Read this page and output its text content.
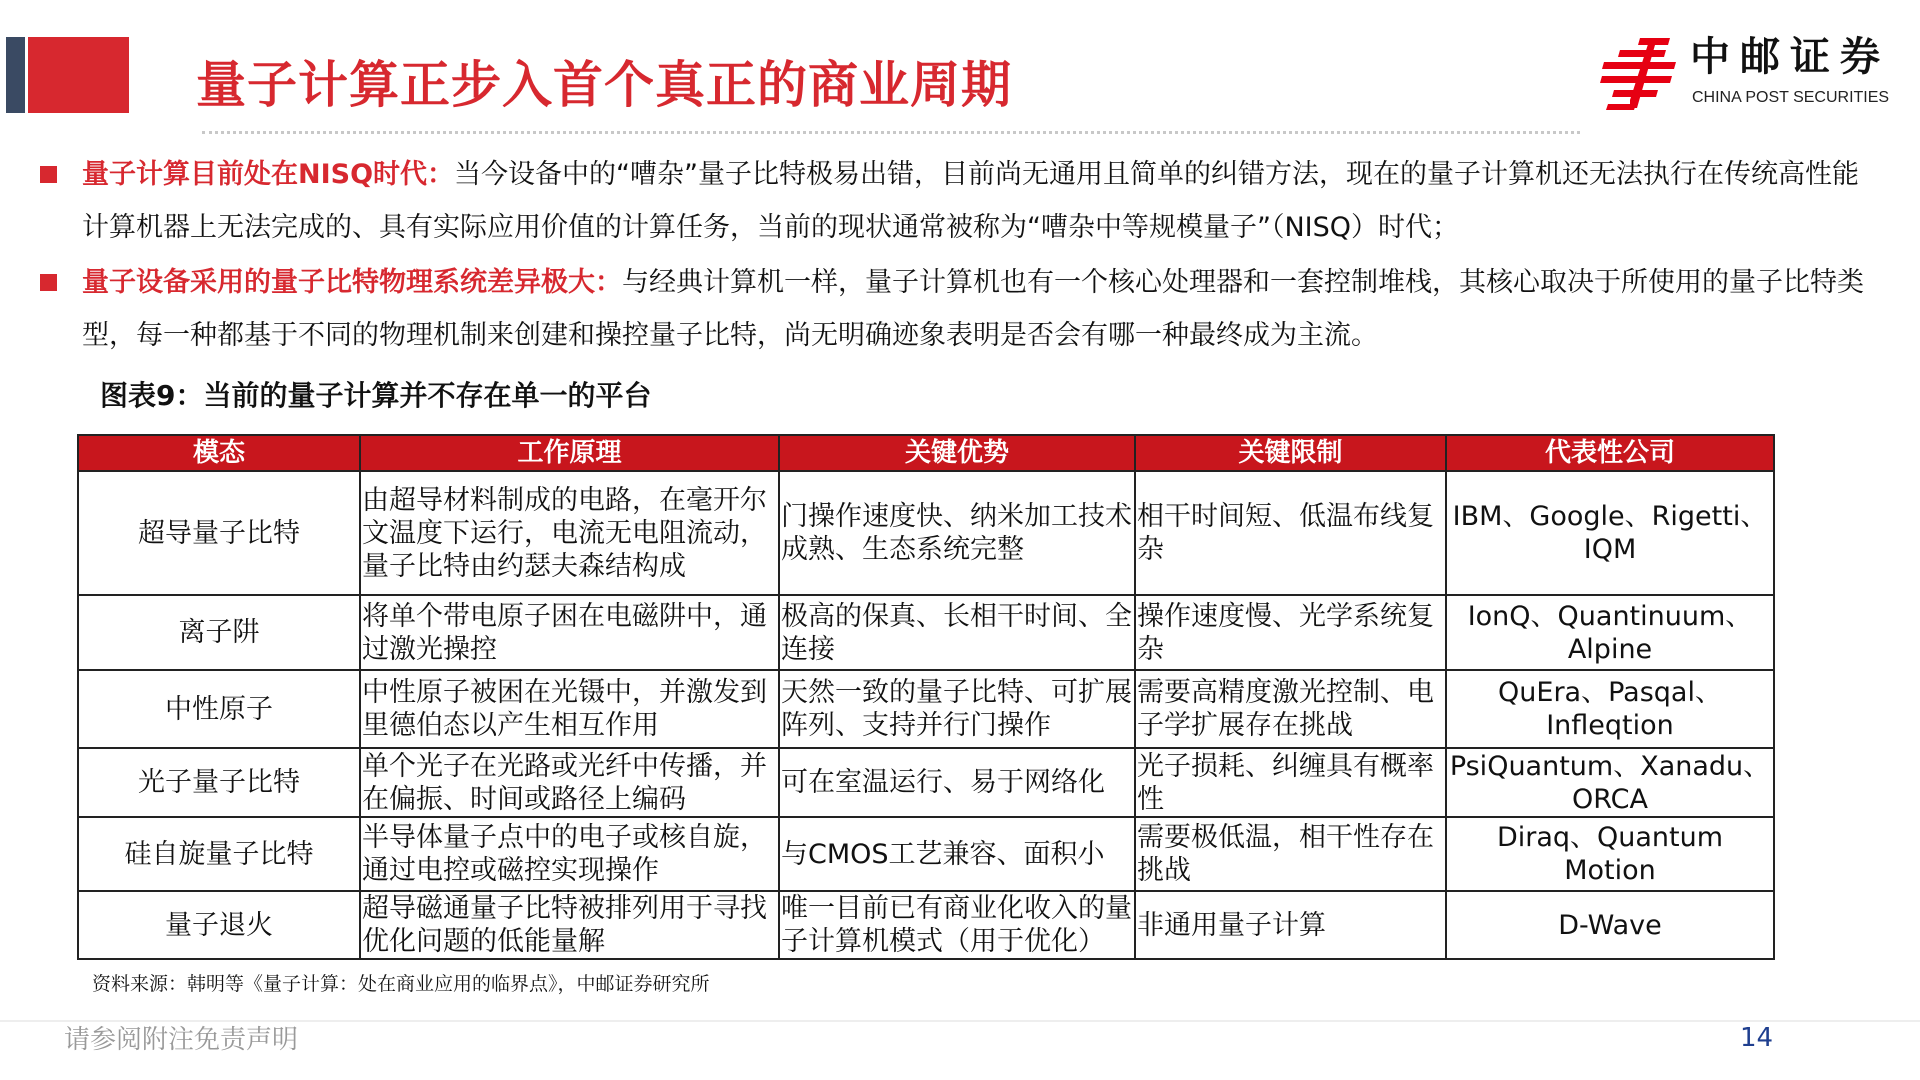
量子计算正步入首个真正的商业周期	中邮证券
CHINA POST SECURITIES
量子计算目前处在NISQ时代：当今设备中的“嘈杂”量子比特极易出错，目前尚无通用且简单的纠错方法，现在的量子计算机还无法执行在传统高性能计算机器上无法完成的、具有实际应用价值的计算任务，当前的现状通常被称为“嘈杂中等规模量子”（NISQ）时代；
量子设备采用的量子比特物理系统差异极大：与经典计算机一样，量子计算机也有一个核心处理器和一套控制堆栈，其核心取决于所使用的量子比特类型，每一种都基于不同的物理机制来创建和操控量子比特，尚无明确迹象表明是否会有哪一种最终成为主流。
图表9：当前的量子计算并不存在单一的平台
模态	工作原理	关键优势	关键限制	代表性公司
超导量子比特	由超导材料制成的电路，在毫开尔文温度下运行，电流无电阻流动，量子比特由约瑟夫森结构成	门操作速度快、纳米加工技术成熟、生态系统完整	相干时间短、低温布线复杂	IBM、Google、Rigetti、IQM
离子阱	将单个带电原子困在电磁阱中，通过激光操控	极高的保真、长相干时间、全连接	操作速度慢、光学系统复杂	IonQ、Quantinuum、Alpine
中性原子	中性原子被困在光镊中，并激发到里德伯态以产生相互作用	天然一致的量子比特、可扩展阵列、支持并行门操作	需要高精度激光控制、电子学扩展存在挑战	QuEra、Pasqal、Infleqtion
光子量子比特	单个光子在光路或光纤中传播，并在偏振、时间或路径上编码	可在室温运行、易于网络化	光子损耗、纠缠具有概率性	PsiQuantum、Xanadu、ORCA
硅自旋量子比特	半导体量子点中的电子或核自旋，通过电控或磁控实现操作	与CMOS工艺兼容、面积小	需要极低温，相干性存在挑战	Diraq、Quantum Motion
量子退火	超导磁通量子比特被排列用于寻找优化问题的低能量解	唯一目前已有商业化收入的量子计算机模式（用于优化）	非通用量子计算	D-Wave
资料来源：韩明等《量子计算：处在商业应用的临界点》，中邮证券研究所
请参阅附注免责声明	14
